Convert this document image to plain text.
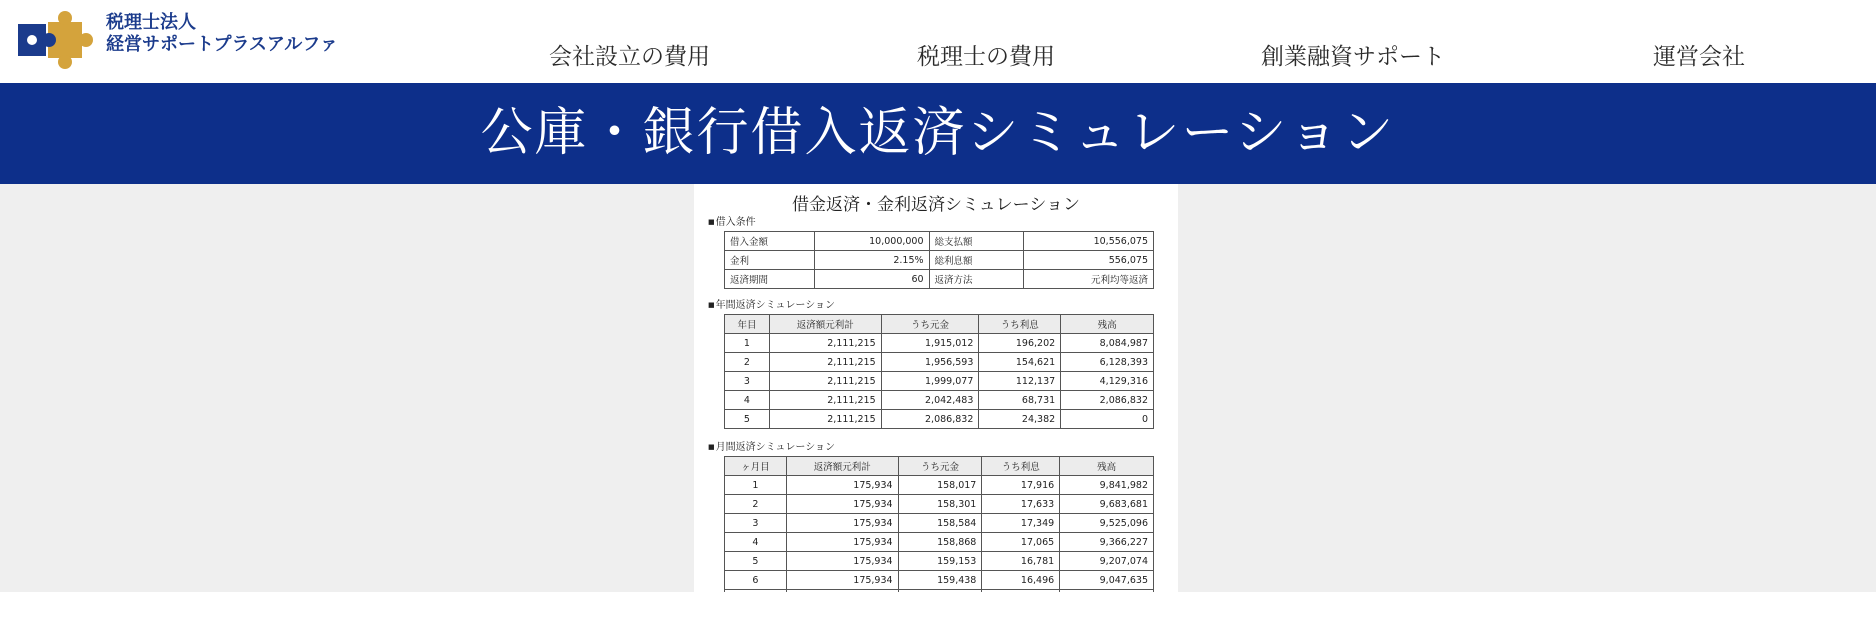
税理士法人
経営サポートプラスアルファ	会社設立の費用	税理士の費用	創業融資サポート	運営会社
公庫・銀行借入返済シミュレーション
借金返済・金利返済シミュレーション
■ 借入条件
借入金額	10,000,000	総支払額	10,556,075
金利	2.15%	総利息額	556,075
返済期間	60	返済方法	元利均等返済
■ 年間返済シミュレーション
年目	返済額元利計	うち元金	うち利息	残高
1	2,111,215	1,915,012	196,202	8,084,987
2	2,111,215	1,956,593	154,621	6,128,393
3	2,111,215	1,999,077	112,137	4,129,316
4	2,111,215	2,042,483	68,731	2,086,832
5	2,111,215	2,086,832	24,382	0
■ 月間返済シミュレーション
ヶ月目	返済額元利計	うち元金	うち利息	残高
1	175,934	158,017	17,916	9,841,982
2	175,934	158,301	17,633	9,683,681
3	175,934	158,584	17,349	9,525,096
4	175,934	158,868	17,065	9,366,227
5	175,934	159,153	16,781	9,207,074
6	175,934	159,438	16,496	9,047,635
